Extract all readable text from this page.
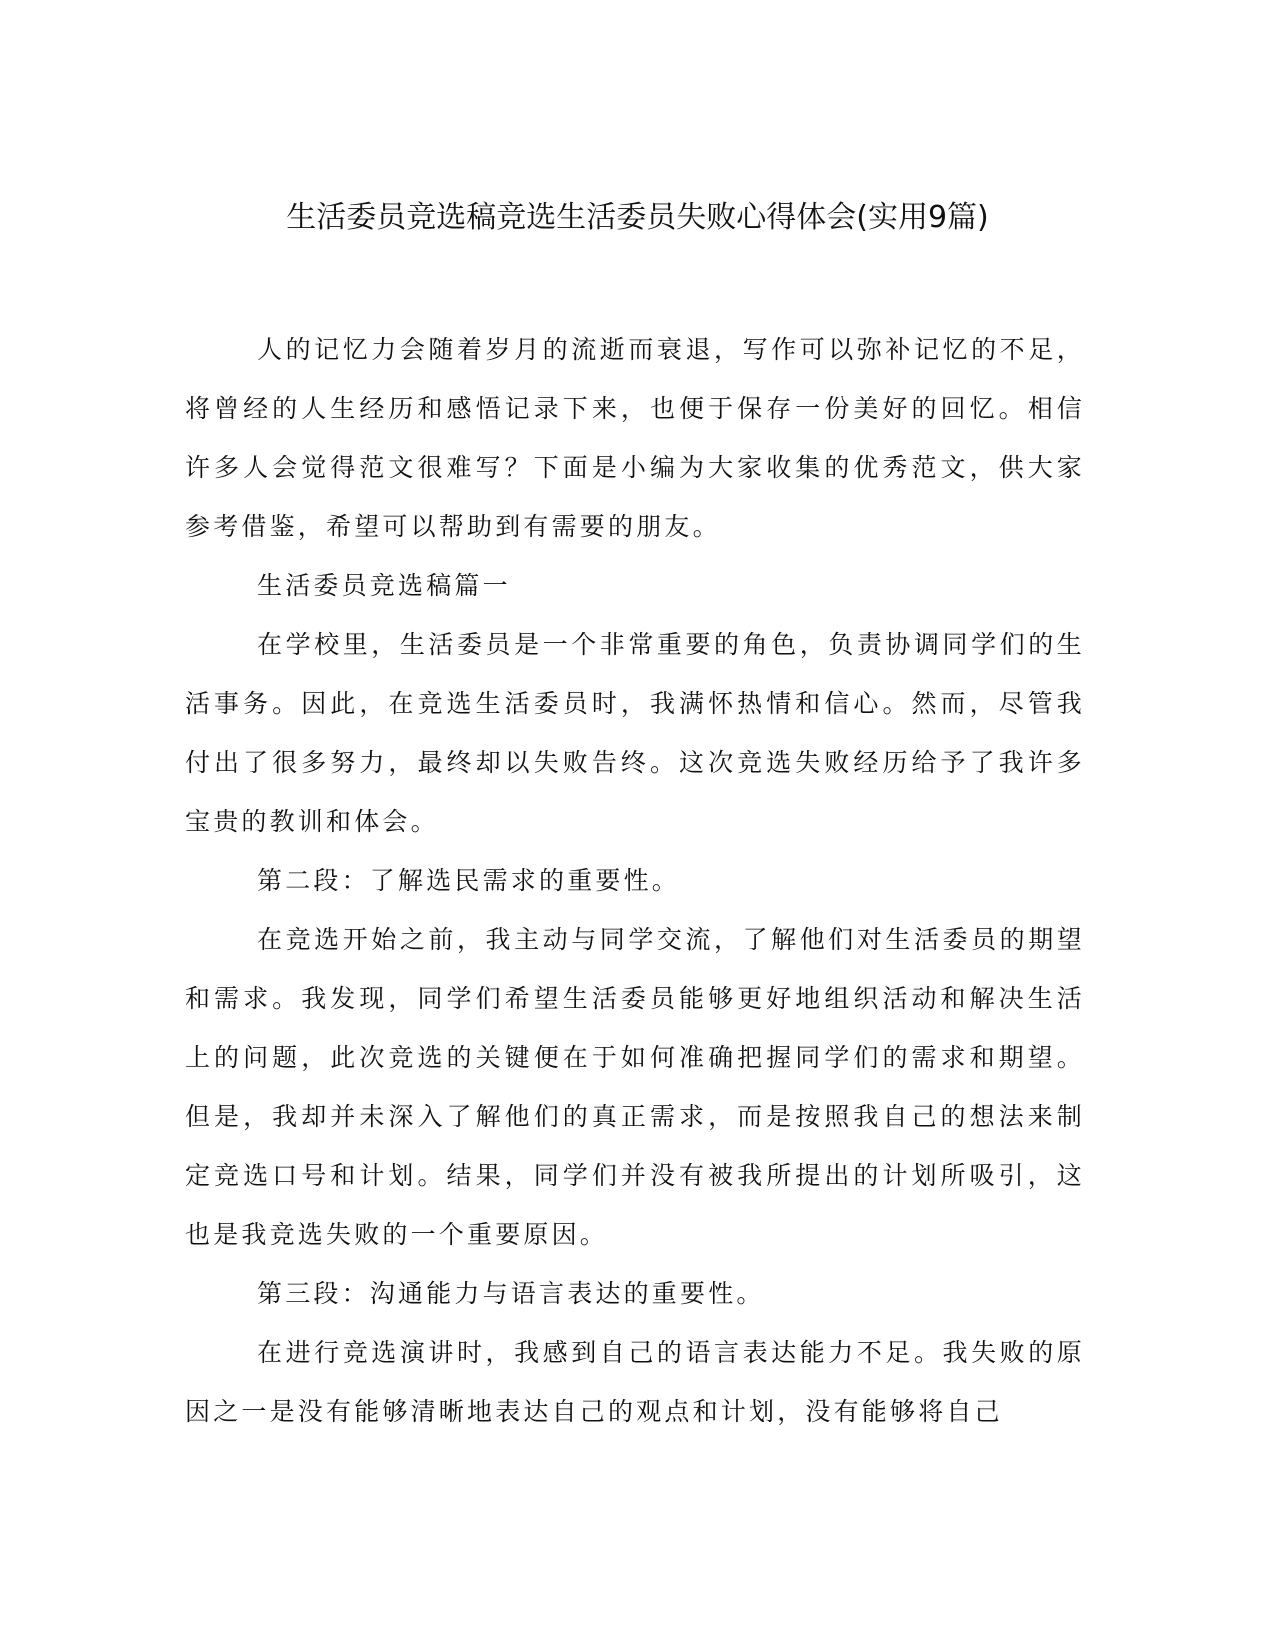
生活委员竞选稿竞选生活委员失败心得体会(实用9篇)

人的记忆力会随着岁月的流逝而衰退，写作可以弥补记忆的不足，将曾经的人生经历和感悟记录下来，也便于保存一份美好的回忆。相信许多人会觉得范文很难写？下面是小编为大家收集的优秀范文，供大家参考借鉴，希望可以帮助到有需要的朋友。

生活委员竞选稿篇一

在学校里，生活委员是一个非常重要的角色，负责协调同学们的生活事务。因此，在竞选生活委员时，我满怀热情和信心。然而，尽管我付出了很多努力，最终却以失败告终。这次竞选失败经历给予了我许多宝贵的教训和体会。

第二段：了解选民需求的重要性。

在竞选开始之前，我主动与同学交流，了解他们对生活委员的期望和需求。我发现，同学们希望生活委员能够更好地组织活动和解决生活上的问题，此次竞选的关键便在于如何准确把握同学们的需求和期望。但是，我却并未深入了解他们的真正需求，而是按照我自己的想法来制定竞选口号和计划。结果，同学们并没有被我所提出的计划所吸引，这也是我竞选失败的一个重要原因。

第三段：沟通能力与语言表达的重要性。

在进行竞选演讲时，我感到自己的语言表达能力不足。我失败的原因之一是没有能够清晰地表达自己的观点和计划，没有能够将自己
